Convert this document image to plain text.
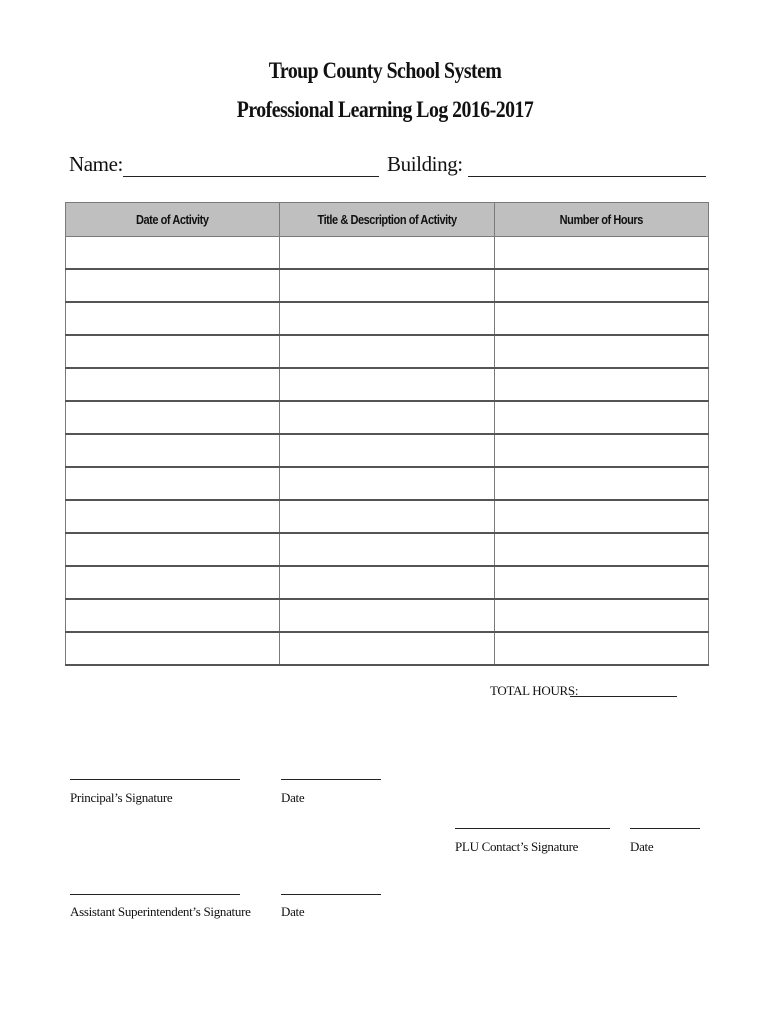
Troup County School System
Professional Learning Log 2016-2017
Name:	Building:
Date of Activity	Title & Description of Activity	Number of Hours

TOTAL HOURS:
Principal’s Signature	Date
PLU Contact’s Signature	Date
Assistant Superintendent’s Signature Date
